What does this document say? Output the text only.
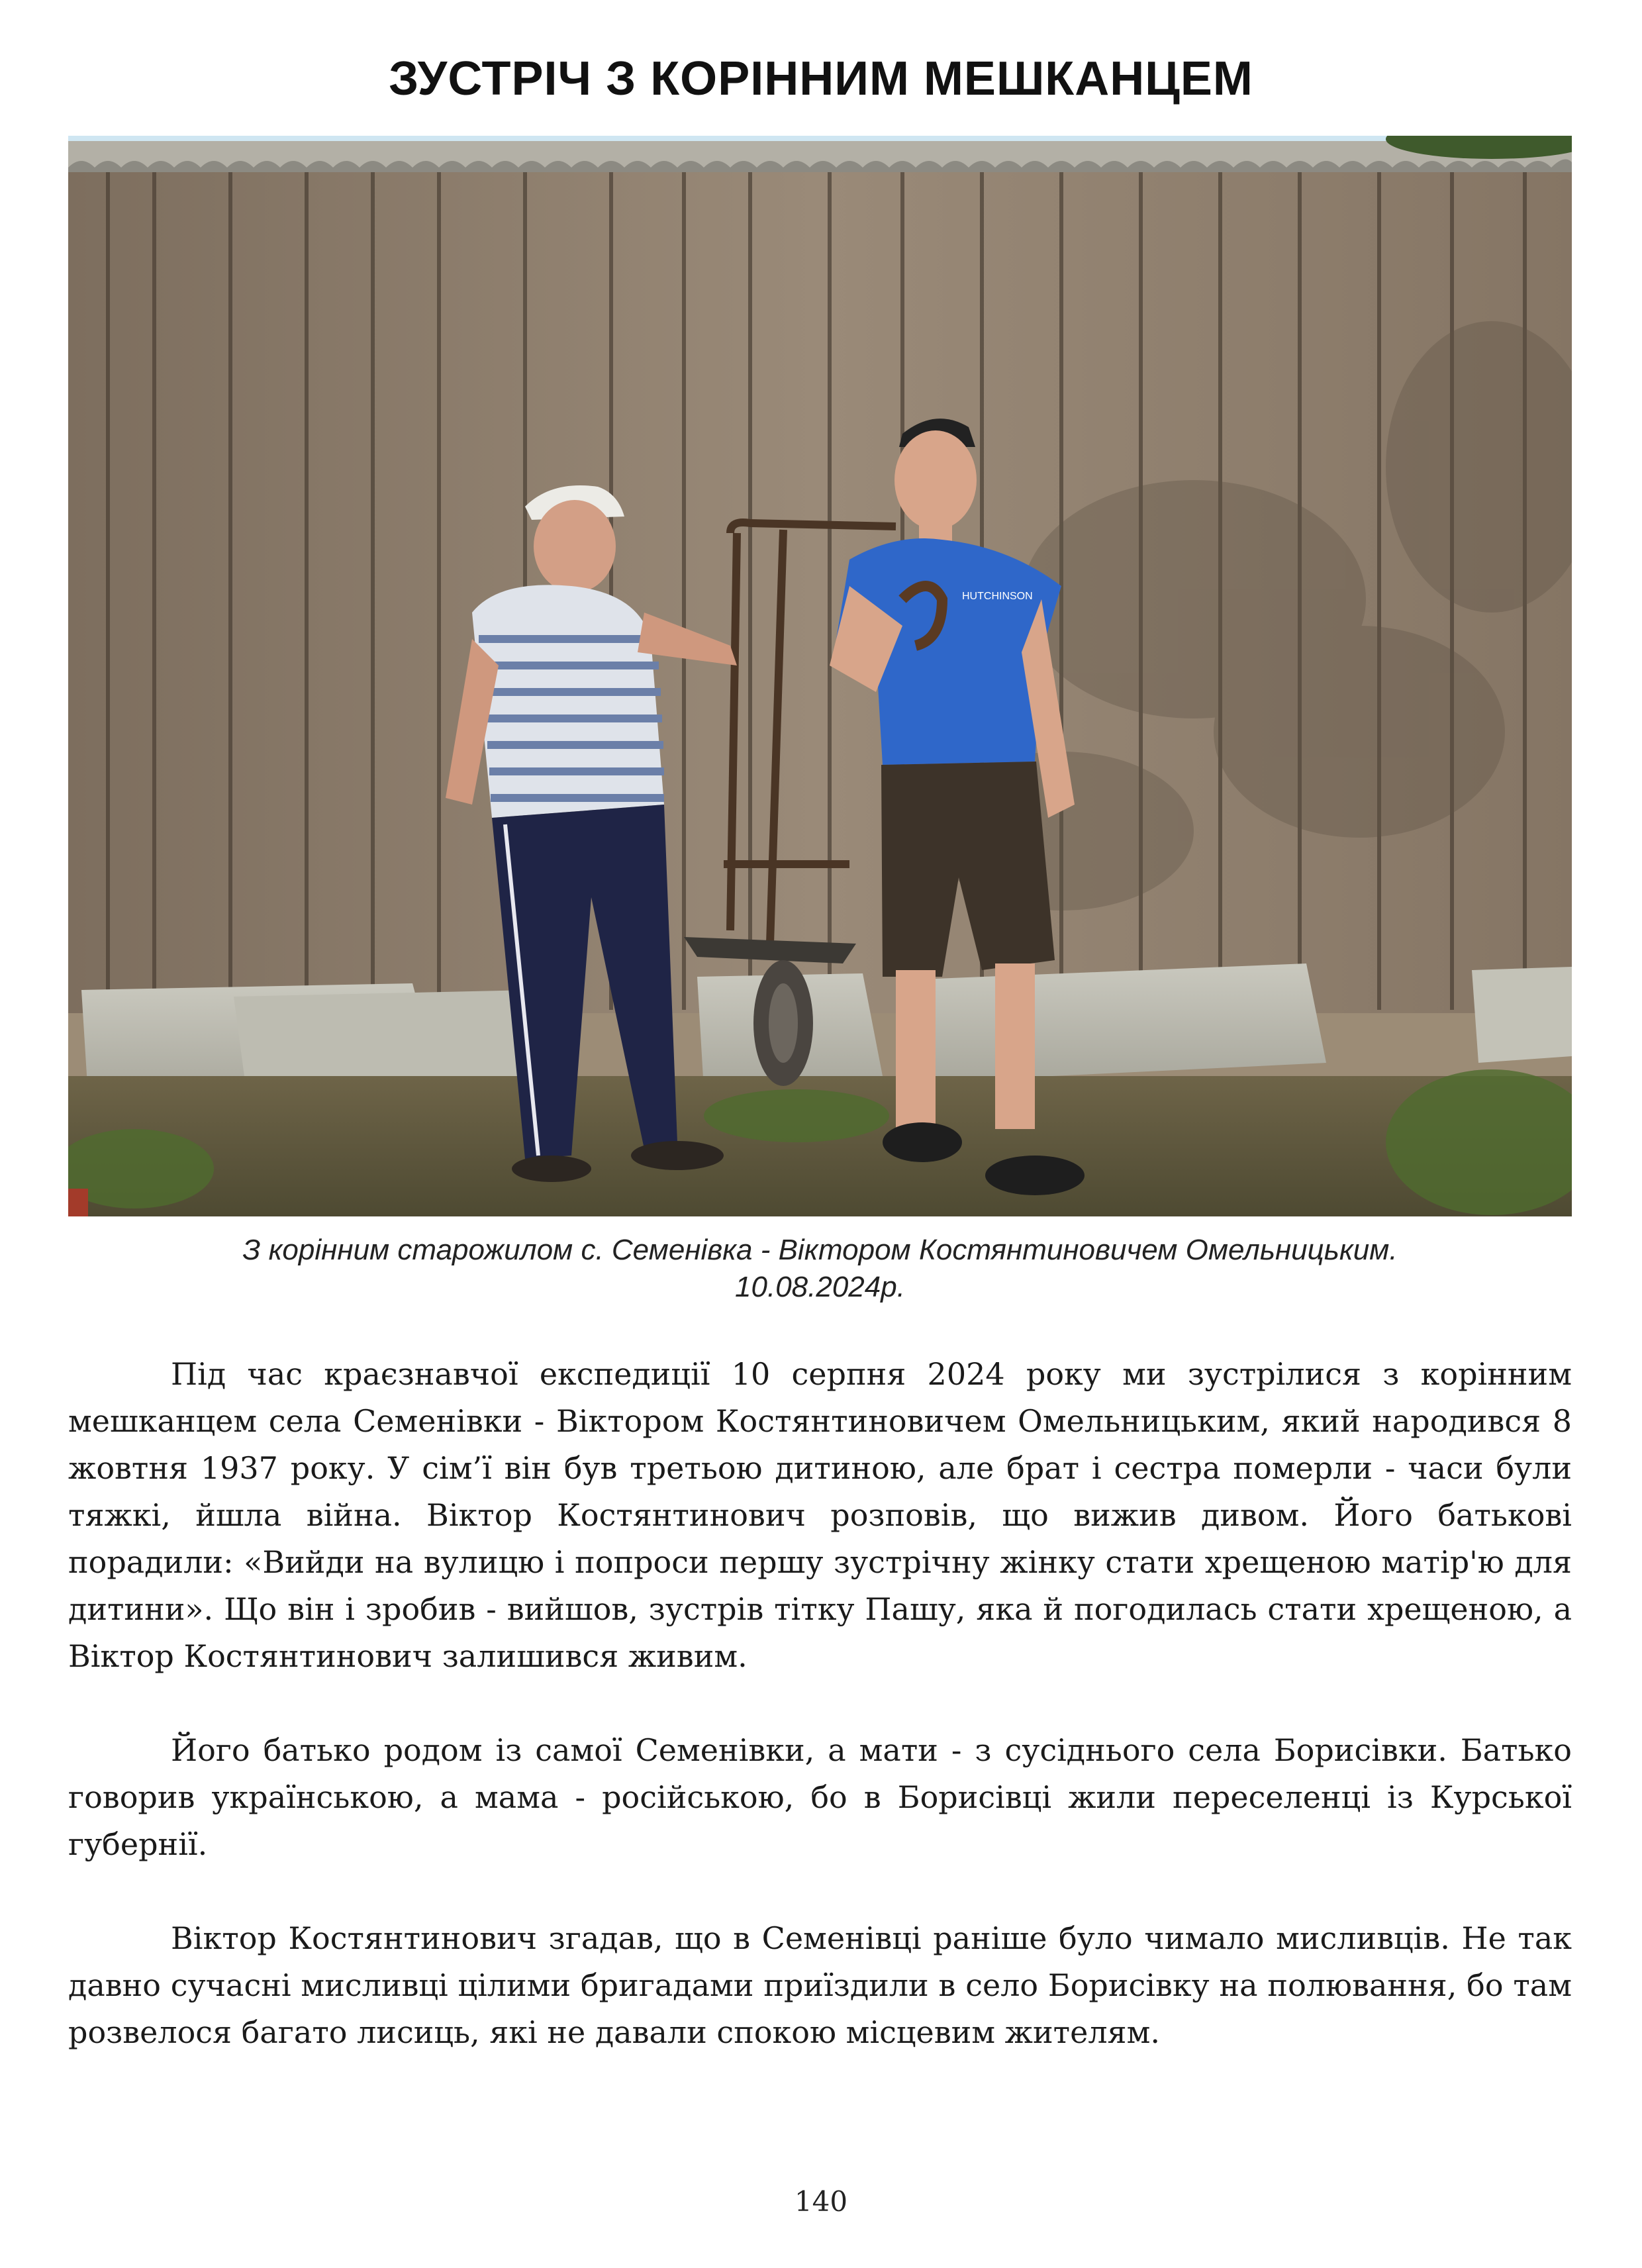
ЗУСТРІЧ З КОРІННИМ МЕШКАНЦЕМ
HUTCHINSON
З корінним старожилом с. Семенівка - Віктором Костянтиновичем Омельницьким.
10.08.2024р.

Під час краєзнавчої експедиції 10 серпня 2024 року ми зустрілися з корінним мешканцем села Семенівки - Віктором Костянтиновичем Омельницьким, який народився 8 жовтня 1937 року. У сім’ї він був третьою дитиною, але брат і сестра померли - часи були тяжкі, йшла війна. Віктор Костянтинович розповів, що вижив дивом. Його батькові порадили: «Вийди на вулицю і попроси першу зустрічну жінку стати хрещеною матір'ю для дитини». Що він і зробив - вийшов, зустрів тітку Пашу, яка й погодилась стати хрещеною, а Віктор Костянтинович залишився живим.

Його батько родом із самої Семенівки, а мати - з сусіднього села Борисівки. Батько говорив українською, а мама - російською, бо в Борисівці жили переселенці із Курської губернії.

Віктор Костянтинович згадав, що в Семенівці раніше було чимало мисливців. Не так давно сучасні мисливці цілими бригадами приїздили в село Борисівку на полювання, бо там розвелося багато лисиць, які не давали спокою місцевим жителям.

140
